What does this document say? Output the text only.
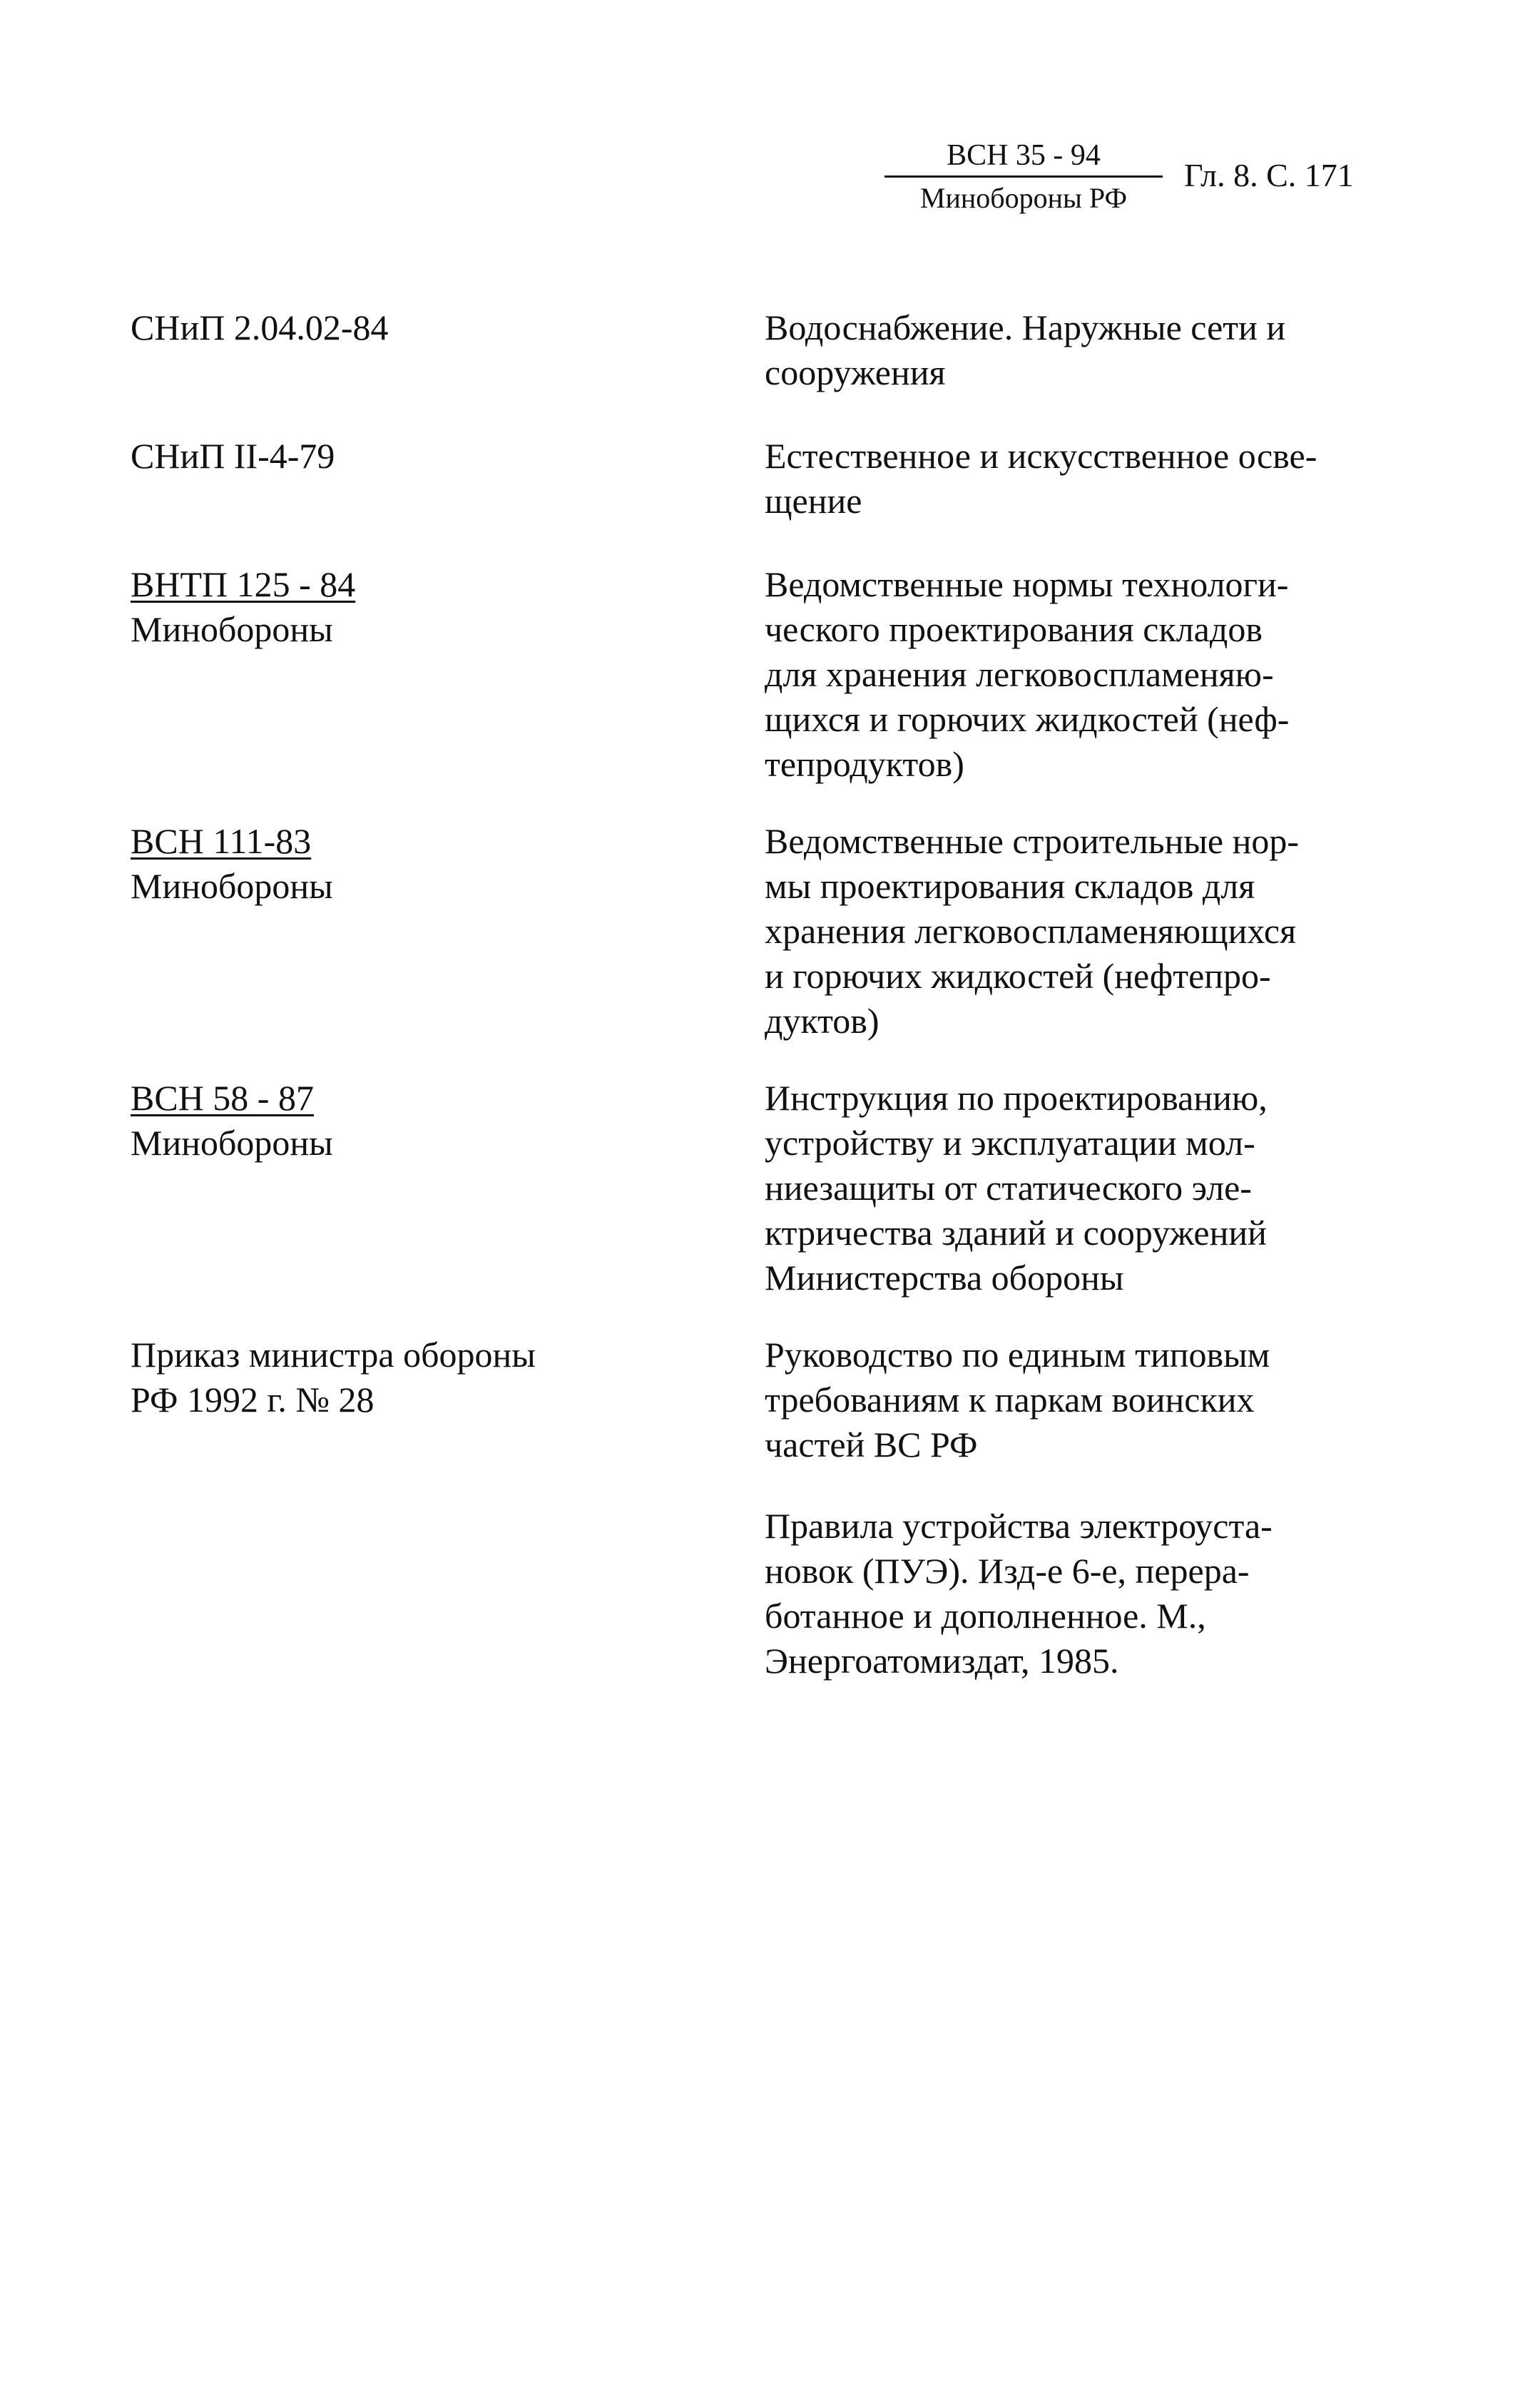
ВСН 35 - 94
Минобороны РФ
Гл. 8. С. 171
СНиП 2.04.02-84	Водоснабжение. Наружные сети и
сооружения
СНиП II-4-79	Естественное и искусственное осве-
щение
ВНТП 125 - 84
Минобороны
Ведомственные нормы технологи-
ческого проектирования складов
для хранения легковоспламеняю-
щихся и горючих жидкостей (неф-
тепродуктов)
ВСН 111-83
Минобороны
Ведомственные строительные нор-
мы проектирования складов для
хранения легковоспламеняющихся
и горючих жидкостей (нефтепро-
дуктов)
ВСН 58 - 87
Минобороны
Инструкция по проектированию,
устройству и эксплуатации мол-
ниезащиты от статического эле-
ктричества зданий и сооружений
Министерства обороны
Приказ министра обороны
РФ 1992 г. № 28
Руководство по единым типовым
требованиям к паркам воинских
частей ВС РФ
Правила устройства электроуста-
новок (ПУЭ). Изд-е 6-е, перера-
ботанное и дополненное. М.,
Энергоатомиздат, 1985.
